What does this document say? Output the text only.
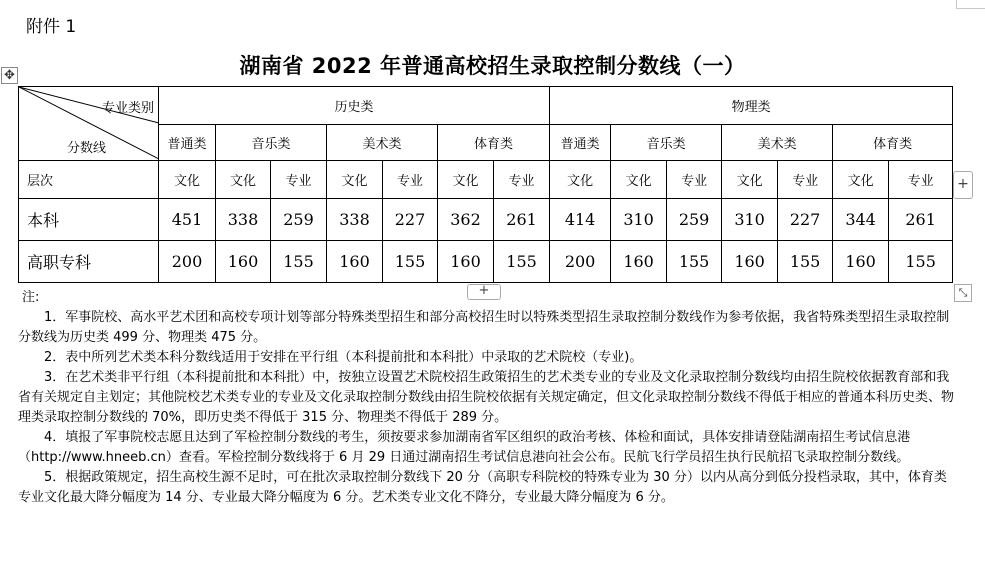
附件 1
湖南省 2022 年普通高校招生录取控制分数线（一）
✥
专业类别
分数线	历史类							物理类						
	普通类	音乐类		美术类		体育类		普通类	音乐类		美术类		体育类	
层次	文化	文化	专业	文化	专业	文化	专业	文化	文化	专业	文化	专业	文化	专业
本科	451	338	259	338	227	362	261	414	310	259	310	227	344	261
高职专科	200	160	155	160	155	160	155	200	160	155	160	155	160	155
+
+	⤡

注:

1．军事院校、高水平艺术团和高校专项计划等部分特殊类型招生和部分高校招生时以特殊类型招生录取控制分数线作为参考依据，我省特殊类型招生录取控制分数线为历史类 499 分、物理类 475 分。

2．表中所列艺术类本科分数线适用于安排在平行组（本科提前批和本科批）中录取的艺术院校（专业)。

3．在艺术类非平行组（本科提前批和本科批）中，按独立设置艺术院校招生政策招生的艺术类专业的专业及文化录取控制分数线均由招生院校依据教育部和我省有关规定自主划定；其他院校艺术类专业的专业及文化录取控制分数线由招生院校依据有关规定确定，但文化录取控制分数线不得低于相应的普通本科历史类、物理类录取控制分数线的 70%，即历史类不得低于 315 分、物理类不得低于 289 分。

4．填报了军事院校志愿且达到了军检控制分数线的考生，须按要求参加湖南省军区组织的政治考核、体检和面试，具体安排请登陆湖南招生考试信息港（http://www.hneeb.cn）查看。军检控制分数线将于 6 月 29 日通过湖南招生考试信息港向社会公布。民航飞行学员招生执行民航招飞录取控制分数线。

5．根据政策规定，招生高校生源不足时，可在批次录取控制分数线下 20 分（高职专科院校的特殊专业为 30 分）以内从高分到低分投档录取，其中，体育类专业文化最大降分幅度为 14 分、专业最大降分幅度为 6 分。艺术类专业文化不降分，专业最大降分幅度为 6 分。
